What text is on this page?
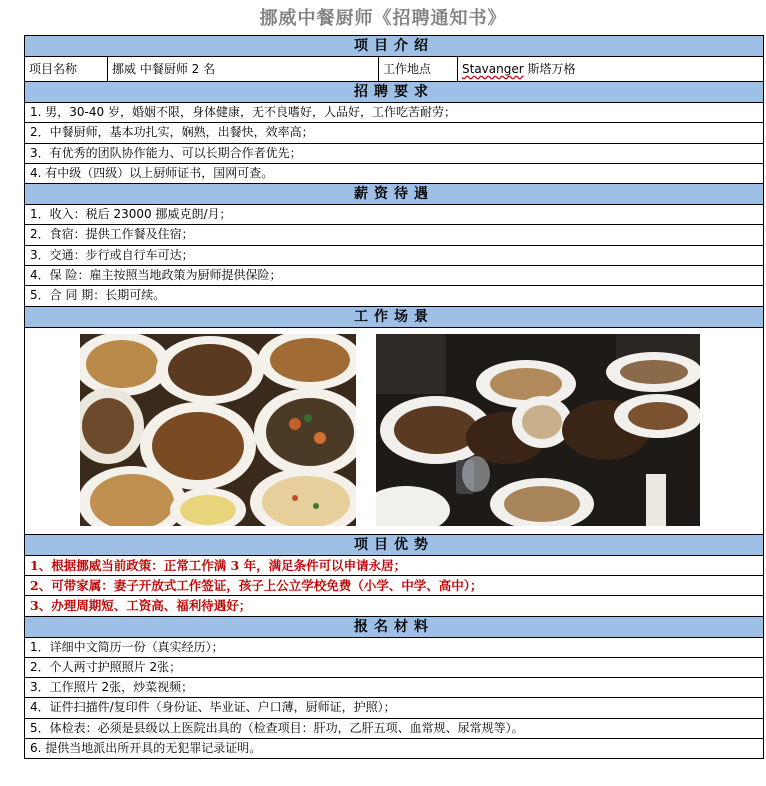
挪威中餐厨师《招聘通知书》
项目介绍
项目名称	挪威 中餐厨师 2 名	工作地点	Stavanger 斯塔万格
招聘要求
1. 男，30-40 岁，婚姻不限，身体健康，无不良嗜好，人品好，工作吃苦耐劳；
2．中餐厨师，基本功扎实，娴熟，出餐快，效率高；
3．有优秀的团队协作能力、可以长期合作者优先；
4. 有中级（四级）以上厨师证书，国网可查。
薪资待遇
1．收入：税后 23000 挪威克朗/月；
2．食宿：提供工作餐及住宿；
3．交通：步行或自行车可达；
4．保 险：雇主按照当地政策为厨师提供保险；
5．合 同 期：长期可续。
工作场景
项目优势
1、根据挪威当前政策：正常工作满 3 年，满足条件可以申请永居；
2、可带家属：妻子开放式工作签证，孩子上公立学校免费（小学、中学、高中）；
3、办理周期短、工资高、福利待遇好；
报名材料
1．详细中文简历一份（真实经历）；
2．个人两寸护照照片 2张；
3．工作照片 2张，炒菜视频；
4．证件扫描件/复印件（身份证、毕业证、户口薄，厨师证，护照）；
5．体检表：必须是县级以上医院出具的（检查项目：肝功，乙肝五项、血常规、尿常规等）。
6. 提供当地派出所开具的无犯罪记录证明。
